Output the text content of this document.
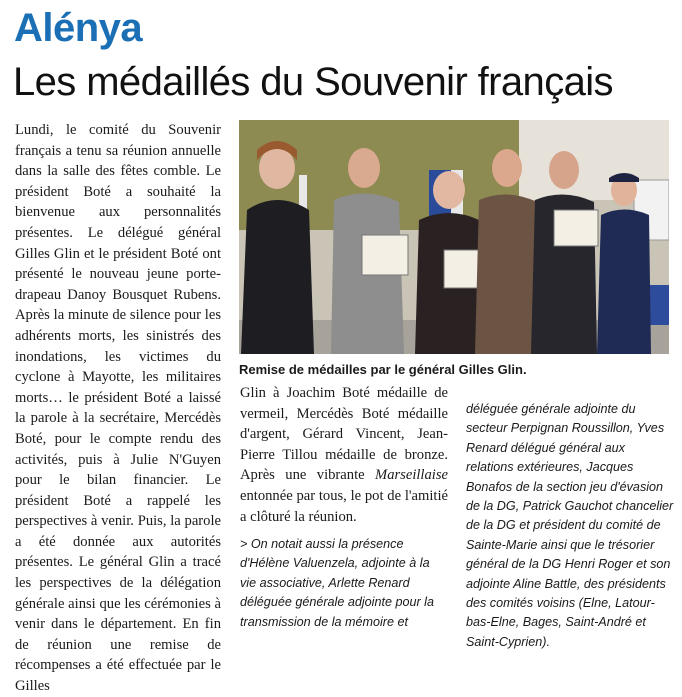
Alénya
Les médaillés du Souvenir français

Lundi, le comité du Souvenir français a tenu sa réunion annuelle dans la salle des fêtes comble. Le président Boté a souhaité la bienvenue aux personnalités présentes. Le délégué général Gilles Glin et le président Boté ont présenté le nouveau jeune porte-drapeau Danoy Bousquet Rubens. Après la minute de silence pour les adhérents morts, les sinistrés des inondations, les victimes du cyclone à Mayotte, les militaires morts… le président Boté a laissé la parole à la secrétaire, Mercédès Boté, pour le compte rendu des activités, puis à Julie N'Guyen pour le bilan financier. Le président Boté a rappelé les perspectives à venir. Puis, la parole a été donnée aux autorités présentes. Le général Glin a tracé les perspectives de la délégation générale ainsi que les cérémonies à venir dans le département. En fin de réunion une remise de récompenses a été effectuée par le Gilles

Remise de médailles par le général Gilles Glin.

Glin à Joachim Boté médaille de vermeil, Mercédès Boté médaille d'argent, Gérard Vincent, Jean-Pierre Tillou médaille de bronze. Après une vibrante Marseillaise entonnée par tous, le pot de l'amitié a clôturé la réunion.

> On notait aussi la présence d'Hélène Valuenzela, adjointe à la vie associative, Arlette Renard déléguée générale adjointe pour la transmission de la mémoire et

déléguée générale adjointe du secteur Perpignan Roussillon, Yves Renard délégué général aux relations extérieures, Jacques Bonafos de la section jeu d'évasion de la DG, Patrick Gauchot chancelier de la DG et président du comité de Sainte-Marie ainsi que le trésorier général de la DG Henri Roger et son adjointe Aline Battle, des présidents des comités voisins (Elne, Latour-bas-Elne, Bages, Saint-André et Saint-Cyprien).
